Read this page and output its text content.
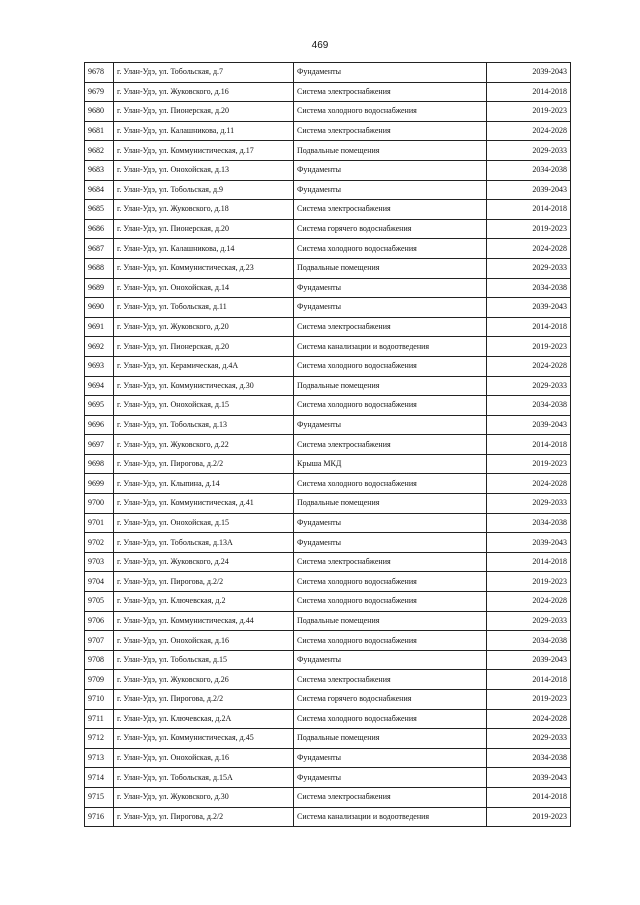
469
9678	г. Улан-Удэ, ул. Тобольская, д.7	Фундаменты	2039-2043
9679	г. Улан-Удэ, ул. Жуковского, д.16	Система электроснабжения	2014-2018
9680	г. Улан-Удэ, ул. Пионерская, д.20	Система холодного водоснабжения	2019-2023
9681	г. Улан-Удэ, ул. Калашникова, д.11	Система электроснабжения	2024-2028
9682	г. Улан-Удэ, ул. Коммунистическая, д.17	Подвальные помещения	2029-2033
9683	г. Улан-Удэ, ул. Онохойская, д.13	Фундаменты	2034-2038
9684	г. Улан-Удэ, ул. Тобольская, д.9	Фундаменты	2039-2043
9685	г. Улан-Удэ, ул. Жуковского, д.18	Система электроснабжения	2014-2018
9686	г. Улан-Удэ, ул. Пионерская, д.20	Система горячего водоснабжения	2019-2023
9687	г. Улан-Удэ, ул. Калашникова, д.14	Система холодного водоснабжения	2024-2028
9688	г. Улан-Удэ, ул. Коммунистическая, д.23	Подвальные помещения	2029-2033
9689	г. Улан-Удэ, ул. Онохойская, д.14	Фундаменты	2034-2038
9690	г. Улан-Удэ, ул. Тобольская, д.11	Фундаменты	2039-2043
9691	г. Улан-Удэ, ул. Жуковского, д.20	Система электроснабжения	2014-2018
9692	г. Улан-Удэ, ул. Пионерская, д.20	Система канализации и водоотведения	2019-2023
9693	г. Улан-Удэ, ул. Керамическая, д.4А	Система холодного водоснабжения	2024-2028
9694	г. Улан-Удэ, ул. Коммунистическая, д.30	Подвальные помещения	2029-2033
9695	г. Улан-Удэ, ул. Онохойская, д.15	Система холодного водоснабжения	2034-2038
9696	г. Улан-Удэ, ул. Тобольская, д.13	Фундаменты	2039-2043
9697	г. Улан-Удэ, ул. Жуковского, д.22	Система электроснабжения	2014-2018
9698	г. Улан-Удэ, ул. Пирогова, д.2/2	Крыша МКД	2019-2023
9699	г. Улан-Удэ, ул. Клыпина, д.14	Система холодного водоснабжения	2024-2028
9700	г. Улан-Удэ, ул. Коммунистическая, д.41	Подвальные помещения	2029-2033
9701	г. Улан-Удэ, ул. Онохойская, д.15	Фундаменты	2034-2038
9702	г. Улан-Удэ, ул. Тобольская, д.13А	Фундаменты	2039-2043
9703	г. Улан-Удэ, ул. Жуковского, д.24	Система электроснабжения	2014-2018
9704	г. Улан-Удэ, ул. Пирогова, д.2/2	Система холодного водоснабжения	2019-2023
9705	г. Улан-Удэ, ул. Ключевская, д.2	Система холодного водоснабжения	2024-2028
9706	г. Улан-Удэ, ул. Коммунистическая, д.44	Подвальные помещения	2029-2033
9707	г. Улан-Удэ, ул. Онохойская, д.16	Система холодного водоснабжения	2034-2038
9708	г. Улан-Удэ, ул. Тобольская, д.15	Фундаменты	2039-2043
9709	г. Улан-Удэ, ул. Жуковского, д.26	Система электроснабжения	2014-2018
9710	г. Улан-Удэ, ул. Пирогова, д.2/2	Система горячего водоснабжения	2019-2023
9711	г. Улан-Удэ, ул. Ключевская, д.2А	Система холодного водоснабжения	2024-2028
9712	г. Улан-Удэ, ул. Коммунистическая, д.45	Подвальные помещения	2029-2033
9713	г. Улан-Удэ, ул. Онохойская, д.16	Фундаменты	2034-2038
9714	г. Улан-Удэ, ул. Тобольская, д.15А	Фундаменты	2039-2043
9715	г. Улан-Удэ, ул. Жуковского, д.30	Система электроснабжения	2014-2018
9716	г. Улан-Удэ, ул. Пирогова, д.2/2	Система канализации и водоотведения	2019-2023
